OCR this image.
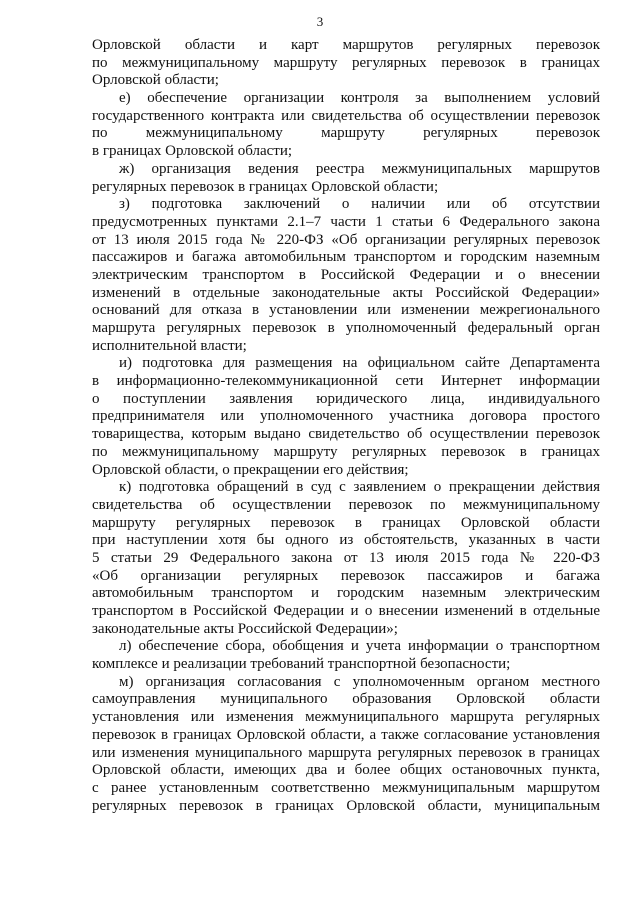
3
Орловской области и карт маршрутов регулярных перевозок
по межмуниципальному маршруту регулярных перевозок в границах
Орловской области;
е) обеспечение организации контроля за выполнением условий
государственного контракта или свидетельства об осуществлении перевозок
по межмуниципальному маршруту регулярных перевозок
в границах Орловской области;
ж) организация ведения реестра межмуниципальных маршрутов
регулярных перевозок в границах Орловской области;
з) подготовка заключений о наличии или об отсутствии
предусмотренных пунктами 2.1–7 части 1 статьи 6 Федерального закона
от 13 июля 2015 года № 220-ФЗ «Об организации регулярных перевозок
пассажиров и багажа автомобильным транспортом и городским наземным
электрическим транспортом в Российской Федерации и о внесении
изменений в отдельные законодательные акты Российской Федерации»
оснований для отказа в установлении или изменении межрегионального
маршрута регулярных перевозок в уполномоченный федеральный орган
исполнительной власти;
и) подготовка для размещения на официальном сайте Департамента
в информационно-телекоммуникационной сети Интернет информации
о поступлении заявления юридического лица, индивидуального
предпринимателя или уполномоченного участника договора простого
товарищества, которым выдано свидетельство об осуществлении перевозок
по межмуниципальному маршруту регулярных перевозок в границах
Орловской области, о прекращении его действия;
к) подготовка обращений в суд с заявлением о прекращении действия
свидетельства об осуществлении перевозок по межмуниципальному
маршруту регулярных перевозок в границах Орловской области
при наступлении хотя бы одного из обстоятельств, указанных в части
5 статьи 29 Федерального закона от 13 июля 2015 года № 220-ФЗ
«Об организации регулярных перевозок пассажиров и багажа
автомобильным транспортом и городским наземным электрическим
транспортом в Российской Федерации и о внесении изменений в отдельные
законодательные акты Российской Федерации»;
л) обеспечение сбора, обобщения и учета информации о транспортном
комплексе и реализации требований транспортной безопасности;
м) организация согласования с уполномоченным органом местного
самоуправления муниципального образования Орловской области
установления или изменения межмуниципального маршрута регулярных
перевозок в границах Орловской области, а также согласование установления
или изменения муниципального маршрута регулярных перевозок в границах
Орловской области, имеющих два и более общих остановочных пункта,
с ранее установленным соответственно межмуниципальным маршрутом
регулярных перевозок в границах Орловской области, муниципальным
